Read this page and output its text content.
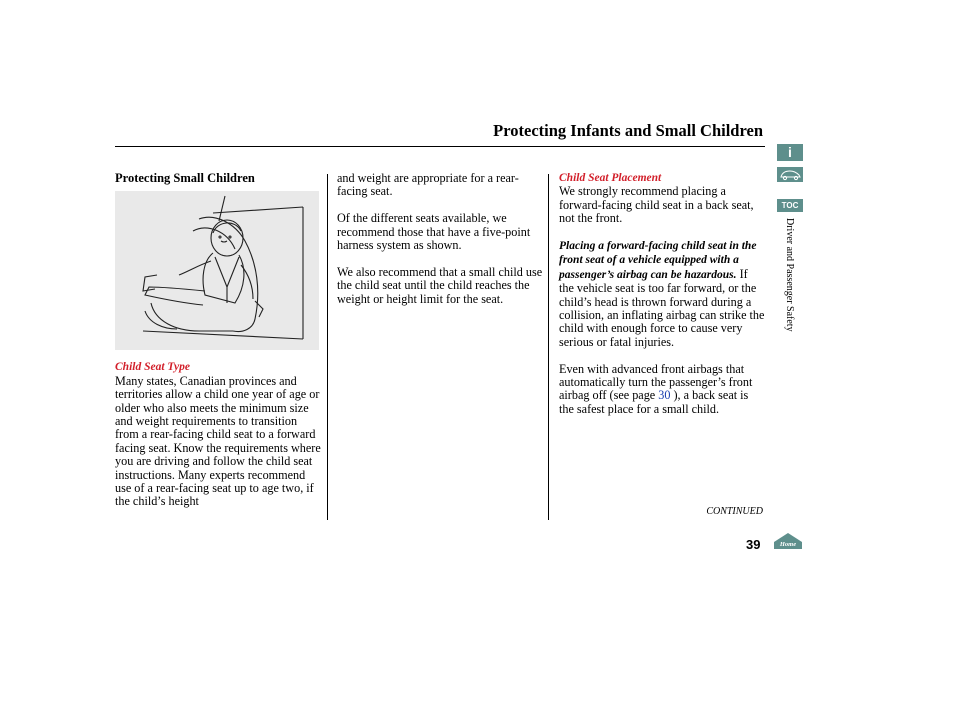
Protecting Infants and Small Children
Protecting Small Children
Child Seat Type
Many states, Canadian provinces and territories allow a child one year of age or older who also meets the minimum size and weight requirements to transition from a rear-facing child seat to a forward facing seat. Know the requirements where you are driving and follow the child seat instructions. Many experts recommend use of a rear-facing seat up to age two, if the child’s height

and weight are appropriate for a rear-facing seat.

Of the different seats available, we recommend those that have a five-point harness system as shown.

We also recommend that a small child use the child seat until the child reaches the weight or height limit for the seat.

Child Seat Placement

We strongly recommend placing a forward-facing child seat in a back seat, not the front.

Placing a forward-facing child seat in the front seat of a vehicle equipped with a passenger’s airbag can be hazardous. If the vehicle seat is too far forward, or the child’s head is thrown forward during a collision, an inflating airbag can strike the child with enough force to cause very serious or fatal injuries.

Even with advanced front airbags that automatically turn the passenger’s front airbag off (see page 30 ), a back seat is the safest place for a small child.

CONTINUED
39
i
TOC
Driver and Passenger Safety
Home
